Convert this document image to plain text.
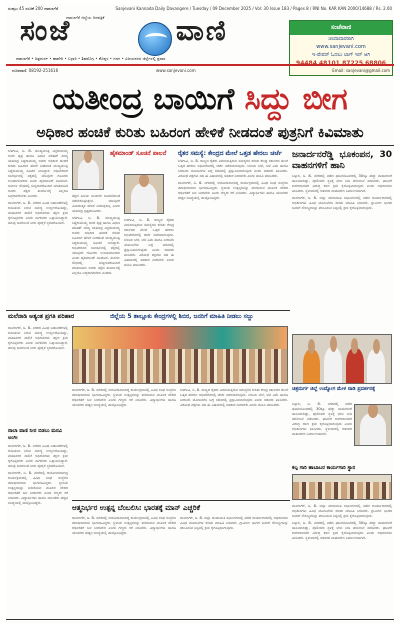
ಸಂಪುಟ 45 ಸಂಚಿಕೆ 200 ದಾವಣಗೆರೆ	Sanjevani Kannada Daily Davangere / Tuesday / 09 December 2025 / Vol: 30 Issue 183 / Pages 8 / RNI No. KAR KAN 2000/14688 / Rs. 2.00
ದಾವಣಗೆರೆ ಜಿಲ್ಲೆಯ ದಿನಪತ್ರಿಕೆ
ಸಂಜೆ	ವಾಣಿ
ದಾವಣಗೆರೆ • ಚಿತ್ರದುರ್ಗ • ಹಾವೇರಿ • ಬಳ್ಳಾರಿ • ಶಿವಮೊಗ್ಗ • ಕೊಪ್ಪಳ • ಗದಗ • ವಿಜಯನಗರ ಜಿಲ್ಲೆಗಳಲ್ಲಿ ಪ್ರಸಾರ
ಸಂಜೆವಾಣಿ
ಚಂದಾದಾರರಾಗಿ
www.sanjevani.com
ಇ-ಪೇಪರ್ ಓದಲು ಲಾಗ್ ಇನ್ ಆಗಿ
ದೂರವಾಣಿ: 08192-251616	www.sanjevani.com	Email: sanjevani@gmail.com
ಯತೀಂದ್ರ ಬಾಯಿಗೆ ಸಿದ್ದು ಬೀಗ
ಅಧಿಕಾರ ಹಂಚಿಕೆ ಕುರಿತು ಬಹಿರಂಗ ಹೇಳಿಕೆ ನೀಡದಂತೆ ಪುತ್ರನಿಗೆ ಕಿವಿಮಾತು

ಬೆಳಗಾವಿ, ಡಿ. 8- ಮುಖ್ಯಮಂತ್ರಿ ಸಿದ್ದರಾಮಯ್ಯ ಅವರ ಪುತ್ರ ಹಾಗೂ ವಿಧಾನ ಪರಿಷತ್ ಸದಸ್ಯ ಯತೀಂದ್ರ ಸಿದ್ದರಾಮಯ್ಯ ಅವರು ಅಧಿಕಾರ ಹಂಚಿಕೆ ಕುರಿತು ಬಹಿರಂಗ ಹೇಳಿಕೆ ನೀಡದಂತೆ ಮುಖ್ಯಮಂತ್ರಿ ಸಿದ್ದರಾಮಯ್ಯ ಸೂಚನೆ ನೀಡಿದ್ದಾರೆ. ಅಧಿವೇಶನದ ಸಂದರ್ಭದಲ್ಲಿ ಪಕ್ಷದಲ್ಲಿ ಯಾವುದೇ ಗೊಂದಲ ಉಂಟಾಗಬಾರದು ಎಂದು ಹೈಕಮಾಂಡ್ ಸೂಚಿಸಿದೆ. ಸುವರ್ಣ ಸೌಧದಲ್ಲಿ ಸುದ್ದಿಗಾರರೊಂದಿಗೆ ಮಾತನಾಡಿದ ಅವರು ಪಕ್ಷದ ತೀರ್ಮಾನಕ್ಕೆ ಎಲ್ಲರೂ ಬದ್ಧರಾಗಿರಬೇಕು ಎಂದರು.

ದಾವಣಗೆರೆ, ಡಿ. 8- ನಗರದ ವಿವಿಧ ಬಡಾವಣೆಗಳಲ್ಲಿ ಕುಡಿಯುವ ನೀರಿನ ಸಮಸ್ಯೆ ಉಲ್ಬಣಗೊಂಡಿದ್ದು, ಮಹಾನಗರ ಪಾಲಿಕೆ ಅಧಿಕಾರಿಗಳು ತಕ್ಷಣ ಕ್ರಮ ಕೈಗೊಳ್ಳಬೇಕು ಎಂದು ನಾಗರಿಕರು ಒತ್ತಾಯಿಸಿದ್ದಾರೆ. ಹಲವು ದಿನಗಳಿಂದ ನೀರು ಪೂರೈಕೆ ಸ್ಥಗಿತಗೊಂಡಿದೆ.

ಹೈಕಮಾಂಡ್ ಸೂಚನೆ ಪಾಲನೆ

ಪಕ್ಷದ ಹಿರಿಯ ನಾಯಕರ ಸೂಚನೆಯಂತೆ ನಡೆದುಕೊಳ್ಳುತ್ತೇನೆ. ಯಾವುದೇ ವಿವಾದಾತ್ಮಕ ಹೇಳಿಕೆ ನೀಡುವುದಿಲ್ಲ ಎಂದು ಯತೀಂದ್ರ ಸ್ಪಷ್ಟಪಡಿಸಿದರು.

ಬೆಳಗಾವಿ, ಡಿ. 8- ಮುಖ್ಯಮಂತ್ರಿ ಸಿದ್ದರಾಮಯ್ಯ ಅವರ ಪುತ್ರ ಹಾಗೂ ವಿಧಾನ ಪರಿಷತ್ ಸದಸ್ಯ ಯತೀಂದ್ರ ಸಿದ್ದರಾಮಯ್ಯ ಅವರು ಅಧಿಕಾರ ಹಂಚಿಕೆ ಕುರಿತು ಬಹಿರಂಗ ಹೇಳಿಕೆ ನೀಡದಂತೆ ಮುಖ್ಯಮಂತ್ರಿ ಸಿದ್ದರಾಮಯ್ಯ ಸೂಚನೆ ನೀಡಿದ್ದಾರೆ. ಅಧಿವೇಶನದ ಸಂದರ್ಭದಲ್ಲಿ ಪಕ್ಷದಲ್ಲಿ ಯಾವುದೇ ಗೊಂದಲ ಉಂಟಾಗಬಾರದು ಎಂದು ಹೈಕಮಾಂಡ್ ಸೂಚಿಸಿದೆ. ಸುವರ್ಣ ಸೌಧದಲ್ಲಿ ಸುದ್ದಿಗಾರರೊಂದಿಗೆ ಮಾತನಾಡಿದ ಅವರು ಪಕ್ಷದ ತೀರ್ಮಾನಕ್ಕೆ ಎಲ್ಲರೂ ಬದ್ಧರಾಗಿರಬೇಕು ಎಂದರು.

ಬೆಳಗಾವಿ, ಡಿ. 8- ರಾಜ್ಯದ ರೈತರು ಎದುರಿಸುತ್ತಿರುವ ಸಮಸ್ಯೆಗಳ ಕುರಿತು ಕೇಂದ್ರ ಸರ್ಕಾರದ ಮೇಲೆ ಒತ್ತಡ ಹೇರಲು ಅಧಿವೇಶನದಲ್ಲಿ ಚರ್ಚೆ ನಡೆಸಲಾಗುವುದು. ಬೆಂಬಲ ಬೆಲೆ, ಬೆಳೆ ವಿಮೆ ಹಾಗೂ ನೀರಾವರಿ ಯೋಜನೆಗಳ ಬಗ್ಗೆ ಸದನದಲ್ಲಿ ಪ್ರಸ್ತಾಪಿಸಲಾಗುವುದು ಎಂದು ಸಚಿವರು ತಿಳಿಸಿದರು. ವಿರೋಧ ಪಕ್ಷಗಳು ಸಹ ಈ ವಿಷಯದಲ್ಲಿ ಸಹಕಾರ ನೀಡಬೇಕು ಎಂದು ಮನವಿ ಮಾಡಿದರು.

ರೈತರ ಸಮಸ್ಯೆ: ಕೇಂದ್ರದ ಮೇಲೆ ಒತ್ತಡ ಹೇರಲು ಚರ್ಚೆ

ಬೆಳಗಾವಿ, ಡಿ. 8- ರಾಜ್ಯದ ರೈತರು ಎದುರಿಸುತ್ತಿರುವ ಸಮಸ್ಯೆಗಳ ಕುರಿತು ಕೇಂದ್ರ ಸರ್ಕಾರದ ಮೇಲೆ ಒತ್ತಡ ಹೇರಲು ಅಧಿವೇಶನದಲ್ಲಿ ಚರ್ಚೆ ನಡೆಸಲಾಗುವುದು. ಬೆಂಬಲ ಬೆಲೆ, ಬೆಳೆ ವಿಮೆ ಹಾಗೂ ನೀರಾವರಿ ಯೋಜನೆಗಳ ಬಗ್ಗೆ ಸದನದಲ್ಲಿ ಪ್ರಸ್ತಾಪಿಸಲಾಗುವುದು ಎಂದು ಸಚಿವರು ತಿಳಿಸಿದರು. ವಿರೋಧ ಪಕ್ಷಗಳು ಸಹ ಈ ವಿಷಯದಲ್ಲಿ ಸಹಕಾರ ನೀಡಬೇಕು ಎಂದು ಮನವಿ ಮಾಡಿದರು.

ದಾವಣಗೆರೆ, ಡಿ. 8- ನಗರದಲ್ಲಿ ಆಯೋಜಿಸಲಾಗಿದ್ದ ಕಾರ್ಯಕ್ರಮದಲ್ಲಿ ವಿವಿಧ ಸಂಘ ಸಂಸ್ಥೆಗಳ ಪದಾಧಿಕಾರಿಗಳು ಭಾಗವಹಿಸಿದ್ದರು. ಸ್ಥಳೀಯ ಉತ್ಪನ್ನಗಳನ್ನು ಖರೀದಿಸುವ ಮೂಲಕ ದೇಶದ ಆರ್ಥಿಕತೆಗೆ ಬಲ ನೀಡಬೇಕು ಎಂದು ಗಣ್ಯರು ಕರೆ ನೀಡಿದರು. ವಿದ್ಯಾರ್ಥಿಗಳು ಹಾಗೂ ಯುವಕರು ಹೆಚ್ಚಿನ ಸಂಖ್ಯೆಯಲ್ಲಿ ಪಾಲ್ಗೊಂಡಿದ್ದರು.

ಜನಾರ್ದನರೆಡ್ಡಿ ಭೂಕಂಪನ, 30 ವಾಹನಗಳಿಗೆ ಹಾನಿ

ಬಳ್ಳಾರಿ, ಡಿ. 8- ನಗರದಲ್ಲಿ ನಡೆದ ಘಟನೆಯೊಂದರಲ್ಲಿ 30ಕ್ಕೂ ಹೆಚ್ಚು ವಾಹನಗಳಿಗೆ ಹಾನಿಯಾಗಿದ್ದು, ಪೊಲೀಸರು ಸ್ಥಳಕ್ಕೆ ಭೇಟಿ ನೀಡಿ ಪರಿಶೀಲನೆ ನಡೆಸಿದರು. ಘಟನೆಗೆ ಕಾರಣರಾದವರ ವಿರುದ್ಧ ಕಠಿಣ ಕ್ರಮ ಕೈಗೊಳ್ಳಲಾಗುವುದು ಎಂದು ಅಧಿಕಾರಿಗಳು ತಿಳಿಸಿದರು. ಸ್ಥಳೀಯರಲ್ಲಿ ಆತಂಕದ ವಾತಾವರಣ ನಿರ್ಮಾಣವಾಗಿದೆ.

ದಾವಣಗೆರೆ, ಡಿ. 8- ಜಿಲ್ಲಾ ಪಂಚಾಯಿತಿ ಸಭಾಂಗಣದಲ್ಲಿ ನಡೆದ ಕಾರ್ಯಾಗಾರದಲ್ಲಿ ಅಧಿಕಾರಿಗಳು ವಿವಿಧ ಯೋಜನೆಗಳ ಕುರಿತು ಮಾಹಿತಿ ನೀಡಿದರು. ಗ್ರಾಮೀಣ ಭಾಗದ ಜನರಿಗೆ ಸೌಲಭ್ಯಗಳನ್ನು ತಲುಪಿಸುವ ನಿಟ್ಟಿನಲ್ಲಿ ಕ್ರಮ ಕೈಗೊಳ್ಳಲಾಗುವುದು.

ಮಲೆನಾಡಿ ಅತ್ಯಂತ ಪ್ರಗತಿ ಪರಿಹಾರ	ಜಿಲ್ಲೆಯ 5 ತಾಲ್ಲೂಕು ಕೇಂದ್ರಗಳಲ್ಲಿ ಶಿಬಿರ, ಜನರಿಗೆ ಮಾಹಿತಿ ನೀಡಲು ಸಜ್ಜು

ದಾವಣಗೆರೆ, ಡಿ. 8- ನಗರದ ವಿವಿಧ ಬಡಾವಣೆಗಳಲ್ಲಿ ಕುಡಿಯುವ ನೀರಿನ ಸಮಸ್ಯೆ ಉಲ್ಬಣಗೊಂಡಿದ್ದು, ಮಹಾನಗರ ಪಾಲಿಕೆ ಅಧಿಕಾರಿಗಳು ತಕ್ಷಣ ಕ್ರಮ ಕೈಗೊಳ್ಳಬೇಕು ಎಂದು ನಾಗರಿಕರು ಒತ್ತಾಯಿಸಿದ್ದಾರೆ. ಹಲವು ದಿನಗಳಿಂದ ನೀರು ಪೂರೈಕೆ ಸ್ಥಗಿತಗೊಂಡಿದೆ.

ನಾಲಾ ವಾಣಿ ನೀರ ಬಿಡಲು ಮನವಿ ಅಂಗೀ

ದಾವಣಗೆರೆ, ಡಿ. 8- ನಗರದ ವಿವಿಧ ಬಡಾವಣೆಗಳಲ್ಲಿ ಕುಡಿಯುವ ನೀರಿನ ಸಮಸ್ಯೆ ಉಲ್ಬಣಗೊಂಡಿದ್ದು, ಮಹಾನಗರ ಪಾಲಿಕೆ ಅಧಿಕಾರಿಗಳು ತಕ್ಷಣ ಕ್ರಮ ಕೈಗೊಳ್ಳಬೇಕು ಎಂದು ನಾಗರಿಕರು ಒತ್ತಾಯಿಸಿದ್ದಾರೆ. ಹಲವು ದಿನಗಳಿಂದ ನೀರು ಪೂರೈಕೆ ಸ್ಥಗಿತಗೊಂಡಿದೆ.

ದಾವಣಗೆರೆ, ಡಿ. 8- ನಗರದಲ್ಲಿ ಆಯೋಜಿಸಲಾಗಿದ್ದ ಕಾರ್ಯಕ್ರಮದಲ್ಲಿ ವಿವಿಧ ಸಂಘ ಸಂಸ್ಥೆಗಳ ಪದಾಧಿಕಾರಿಗಳು ಭಾಗವಹಿಸಿದ್ದರು. ಸ್ಥಳೀಯ ಉತ್ಪನ್ನಗಳನ್ನು ಖರೀದಿಸುವ ಮೂಲಕ ದೇಶದ ಆರ್ಥಿಕತೆಗೆ ಬಲ ನೀಡಬೇಕು ಎಂದು ಗಣ್ಯರು ಕರೆ ನೀಡಿದರು. ವಿದ್ಯಾರ್ಥಿಗಳು ಹಾಗೂ ಯುವಕರು ಹೆಚ್ಚಿನ ಸಂಖ್ಯೆಯಲ್ಲಿ ಪಾಲ್ಗೊಂಡಿದ್ದರು.

ದಾವಣಗೆರೆ, ಡಿ. 8- ನಗರದಲ್ಲಿ ಆಯೋಜಿಸಲಾಗಿದ್ದ ಕಾರ್ಯಕ್ರಮದಲ್ಲಿ ವಿವಿಧ ಸಂಘ ಸಂಸ್ಥೆಗಳ ಪದಾಧಿಕಾರಿಗಳು ಭಾಗವಹಿಸಿದ್ದರು. ಸ್ಥಳೀಯ ಉತ್ಪನ್ನಗಳನ್ನು ಖರೀದಿಸುವ ಮೂಲಕ ದೇಶದ ಆರ್ಥಿಕತೆಗೆ ಬಲ ನೀಡಬೇಕು ಎಂದು ಗಣ್ಯರು ಕರೆ ನೀಡಿದರು. ವಿದ್ಯಾರ್ಥಿಗಳು ಹಾಗೂ ಯುವಕರು ಹೆಚ್ಚಿನ ಸಂಖ್ಯೆಯಲ್ಲಿ ಪಾಲ್ಗೊಂಡಿದ್ದರು.

ಬೆಳಗಾವಿ, ಡಿ. 8- ರಾಜ್ಯದ ರೈತರು ಎದುರಿಸುತ್ತಿರುವ ಸಮಸ್ಯೆಗಳ ಕುರಿತು ಕೇಂದ್ರ ಸರ್ಕಾರದ ಮೇಲೆ ಒತ್ತಡ ಹೇರಲು ಅಧಿವೇಶನದಲ್ಲಿ ಚರ್ಚೆ ನಡೆಸಲಾಗುವುದು. ಬೆಂಬಲ ಬೆಲೆ, ಬೆಳೆ ವಿಮೆ ಹಾಗೂ ನೀರಾವರಿ ಯೋಜನೆಗಳ ಬಗ್ಗೆ ಸದನದಲ್ಲಿ ಪ್ರಸ್ತಾಪಿಸಲಾಗುವುದು ಎಂದು ಸಚಿವರು ತಿಳಿಸಿದರು. ವಿರೋಧ ಪಕ್ಷಗಳು ಸಹ ಈ ವಿಷಯದಲ್ಲಿ ಸಹಕಾರ ನೀಡಬೇಕು ಎಂದು ಮನವಿ ಮಾಡಿದರು.

ಆತ್ಮನಿರ್ಭರ ಉತ್ಪನ್ನ ಬೆಂಬಲಿಸಿ: ಭಾರತಕ್ಕೆ ಮಾನ್ ಎಚ್ಚರಿಕೆ

ದಾವಣಗೆರೆ, ಡಿ. 8- ನಗರದಲ್ಲಿ ಆಯೋಜಿಸಲಾಗಿದ್ದ ಕಾರ್ಯಕ್ರಮದಲ್ಲಿ ವಿವಿಧ ಸಂಘ ಸಂಸ್ಥೆಗಳ ಪದಾಧಿಕಾರಿಗಳು ಭಾಗವಹಿಸಿದ್ದರು. ಸ್ಥಳೀಯ ಉತ್ಪನ್ನಗಳನ್ನು ಖರೀದಿಸುವ ಮೂಲಕ ದೇಶದ ಆರ್ಥಿಕತೆಗೆ ಬಲ ನೀಡಬೇಕು ಎಂದು ಗಣ್ಯರು ಕರೆ ನೀಡಿದರು. ವಿದ್ಯಾರ್ಥಿಗಳು ಹಾಗೂ ಯುವಕರು ಹೆಚ್ಚಿನ ಸಂಖ್ಯೆಯಲ್ಲಿ ಪಾಲ್ಗೊಂಡಿದ್ದರು.

ದಾವಣಗೆರೆ, ಡಿ. 8- ಜಿಲ್ಲಾ ಪಂಚಾಯಿತಿ ಸಭಾಂಗಣದಲ್ಲಿ ನಡೆದ ಕಾರ್ಯಾಗಾರದಲ್ಲಿ ಅಧಿಕಾರಿಗಳು ವಿವಿಧ ಯೋಜನೆಗಳ ಕುರಿತು ಮಾಹಿತಿ ನೀಡಿದರು. ಗ್ರಾಮೀಣ ಭಾಗದ ಜನರಿಗೆ ಸೌಲಭ್ಯಗಳನ್ನು ತಲುಪಿಸುವ ನಿಟ್ಟಿನಲ್ಲಿ ಕ್ರಮ ಕೈಗೊಳ್ಳಲಾಗುವುದು.

ಚಿತ್ರದುರ್ಗ ಜಿಲ್ಲೆ ಉದ್ಯೋಗ ಮೇಳ ನಾಡಿ ಪ್ರದರ್ಶನಕ್ಕೆ

ಬಳ್ಳಾರಿ, ಡಿ. 8- ನಗರದಲ್ಲಿ ನಡೆದ ಘಟನೆಯೊಂದರಲ್ಲಿ 30ಕ್ಕೂ ಹೆಚ್ಚು ವಾಹನಗಳಿಗೆ ಹಾನಿಯಾಗಿದ್ದು, ಪೊಲೀಸರು ಸ್ಥಳಕ್ಕೆ ಭೇಟಿ ನೀಡಿ ಪರಿಶೀಲನೆ ನಡೆಸಿದರು. ಘಟನೆಗೆ ಕಾರಣರಾದವರ ವಿರುದ್ಧ ಕಠಿಣ ಕ್ರಮ ಕೈಗೊಳ್ಳಲಾಗುವುದು ಎಂದು ಅಧಿಕಾರಿಗಳು ತಿಳಿಸಿದರು. ಸ್ಥಳೀಯರಲ್ಲಿ ಆತಂಕದ ವಾತಾವರಣ ನಿರ್ಮಾಣವಾಗಿದೆ.

ಕಲ್ಪ ಗಾರಿ ಹಾಬಾಬರ ಕಾರ್ಯಗಾರಿ ಸ್ಥಾನ

ದಾವಣಗೆರೆ, ಡಿ. 8- ಜಿಲ್ಲಾ ಪಂಚಾಯಿತಿ ಸಭಾಂಗಣದಲ್ಲಿ ನಡೆದ ಕಾರ್ಯಾಗಾರದಲ್ಲಿ ಅಧಿಕಾರಿಗಳು ವಿವಿಧ ಯೋಜನೆಗಳ ಕುರಿತು ಮಾಹಿತಿ ನೀಡಿದರು. ಗ್ರಾಮೀಣ ಭಾಗದ ಜನರಿಗೆ ಸೌಲಭ್ಯಗಳನ್ನು ತಲುಪಿಸುವ ನಿಟ್ಟಿನಲ್ಲಿ ಕ್ರಮ ಕೈಗೊಳ್ಳಲಾಗುವುದು.

ಬಳ್ಳಾರಿ, ಡಿ. 8- ನಗರದಲ್ಲಿ ನಡೆದ ಘಟನೆಯೊಂದರಲ್ಲಿ 30ಕ್ಕೂ ಹೆಚ್ಚು ವಾಹನಗಳಿಗೆ ಹಾನಿಯಾಗಿದ್ದು, ಪೊಲೀಸರು ಸ್ಥಳಕ್ಕೆ ಭೇಟಿ ನೀಡಿ ಪರಿಶೀಲನೆ ನಡೆಸಿದರು. ಘಟನೆಗೆ ಕಾರಣರಾದವರ ವಿರುದ್ಧ ಕಠಿಣ ಕ್ರಮ ಕೈಗೊಳ್ಳಲಾಗುವುದು ಎಂದು ಅಧಿಕಾರಿಗಳು ತಿಳಿಸಿದರು. ಸ್ಥಳೀಯರಲ್ಲಿ ಆತಂಕದ ವಾತಾವರಣ ನಿರ್ಮಾಣವಾಗಿದೆ.
